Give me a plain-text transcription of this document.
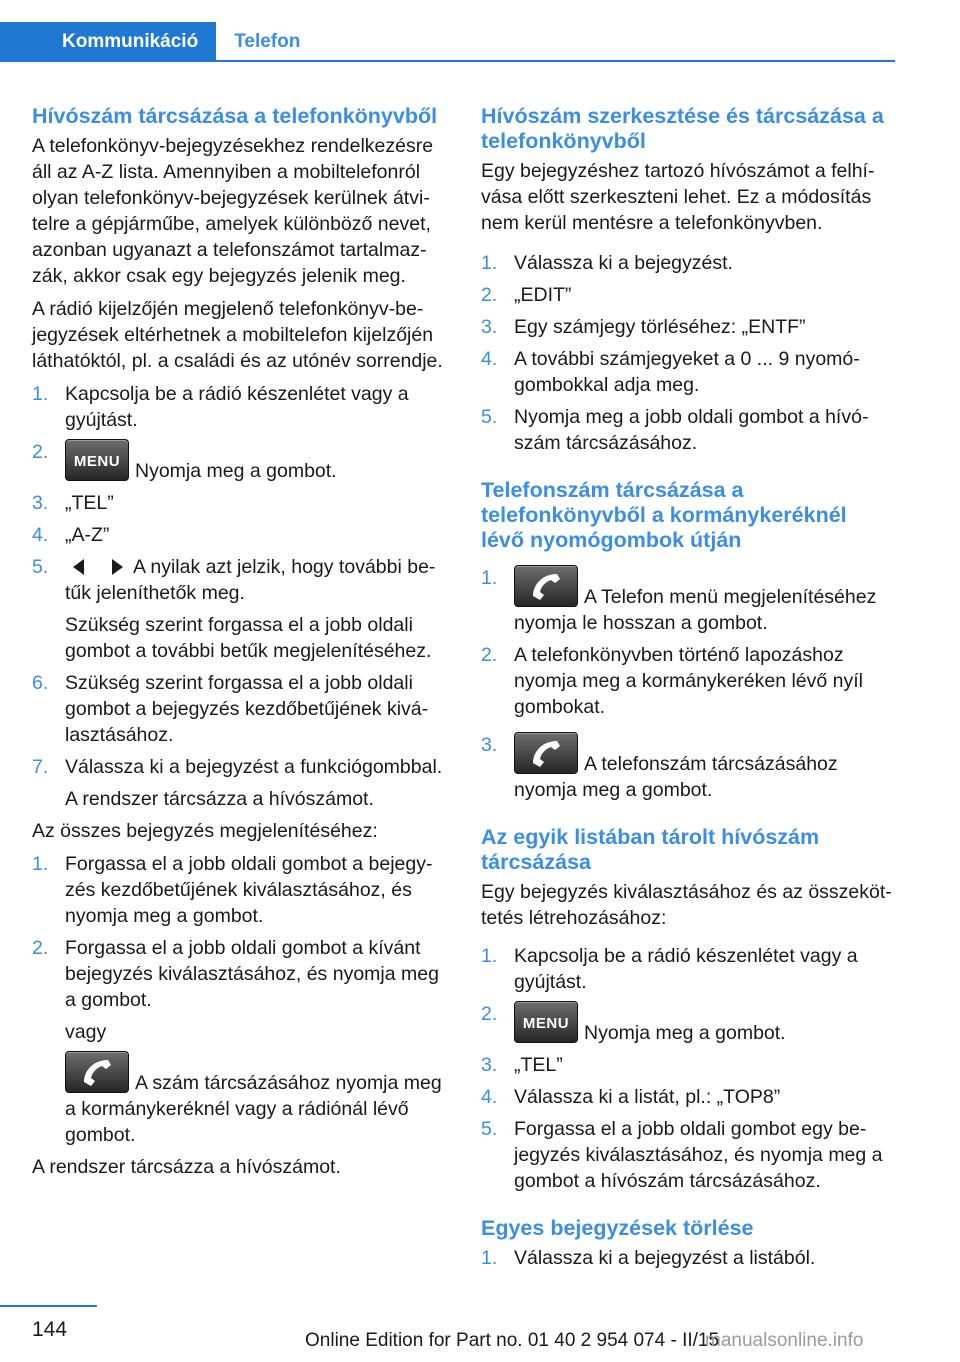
Kommunikáció	Telefon
Hívószám tárcsázása a telefonkönyvből

A telefonkönyv-bejegyzésekhez rendelkezésre áll az A-Z lista. Amennyiben a mobiltelefonról olyan telefonkönyv-bejegyzések kerülnek átvitelre a gépjárműbe, amelyek különböző nevet, azonban ugyanazt a telefonszámot tartalmazzák, akkor csak egy bejegyzés jelenik meg.

A rádió kijelzőjén megjelenő telefonkönyv-bejegyzések eltérhetnek a mobiltelefon kijelzőjén láthatóktól, pl. a családi és az utónév sorrendje.

1. Kapcsolja be a rádió készenlétet vagy a gyújtást.
2.	MENU Nyomja meg a gombot.
3. „TEL”
4. „A-Z”
5.	A nyilak azt jelzik, hogy további betűk jeleníthetők meg.

Szükség szerint forgassa el a jobb oldali gombot a további betűk megjelenítéséhez.

6. Szükség szerint forgassa el a jobb oldali gombot a bejegyzés kezdőbetűjének kiválasztásához.
7. Válassza ki a bejegyzést a funkciógombbal.

A rendszer tárcsázza a hívószámot.

Az összes bejegyzés megjelenítéséhez:

1. Forgassa el a jobb oldali gombot a bejegyzés kezdőbetűjének kiválasztásához, és nyomja meg a gombot.
2. Forgassa el a jobb oldali gombot a kívánt bejegyzés kiválasztásához, és nyomja meg a gombot.

vagy

A szám tárcsázásához nyomja meg a kormánykeréknél vagy a rádiónál lévő gombot.

A rendszer tárcsázza a hívószámot.

Hívószám szerkesztése és tárcsázása a telefonkönyvből

Egy bejegyzéshez tartozó hívószámot a felhívása előtt szerkeszteni lehet. Ez a módosítás nem kerül mentésre a telefonkönyvben.

1. Válassza ki a bejegyzést.
2. „EDIT”
3. Egy számjegy törléséhez: „ENTF”
4. A további számjegyeket a 0 ... 9 nyomógombokkal adja meg.
5. Nyomja meg a jobb oldali gombot a hívószám tárcsázásához.
Telefonszám tárcsázása a telefonkönyvből a kormánykeréknél lévő nyomógombok útján
1.
A Telefon menü megjelenítéséhez nyomja le hosszan a gombot.
2. A telefonkönyvben történő lapozáshoz nyomja meg a kormánykeréken lévő nyíl gombokat.
3.
A telefonszám tárcsázásához nyomja meg a gombot.
Az egyik listában tárolt hívószám tárcsázása

Egy bejegyzés kiválasztásához és az összeköttetés létrehozásához:

1. Kapcsolja be a rádió készenlétet vagy a gyújtást.
2.	MENU Nyomja meg a gombot.
3. „TEL”
4. Válassza ki a listát, pl.: „TOP8”
5. Forgassa el a jobb oldali gombot egy bejegyzés kiválasztásához, és nyomja meg a gombot a hívószám tárcsázásához.
Egyes bejegyzések törlése
1. Válassza ki a bejegyzést a listából.
144	Online Edition for Part no. 01 40 2 954 074 - II/15
manualsonline.info
